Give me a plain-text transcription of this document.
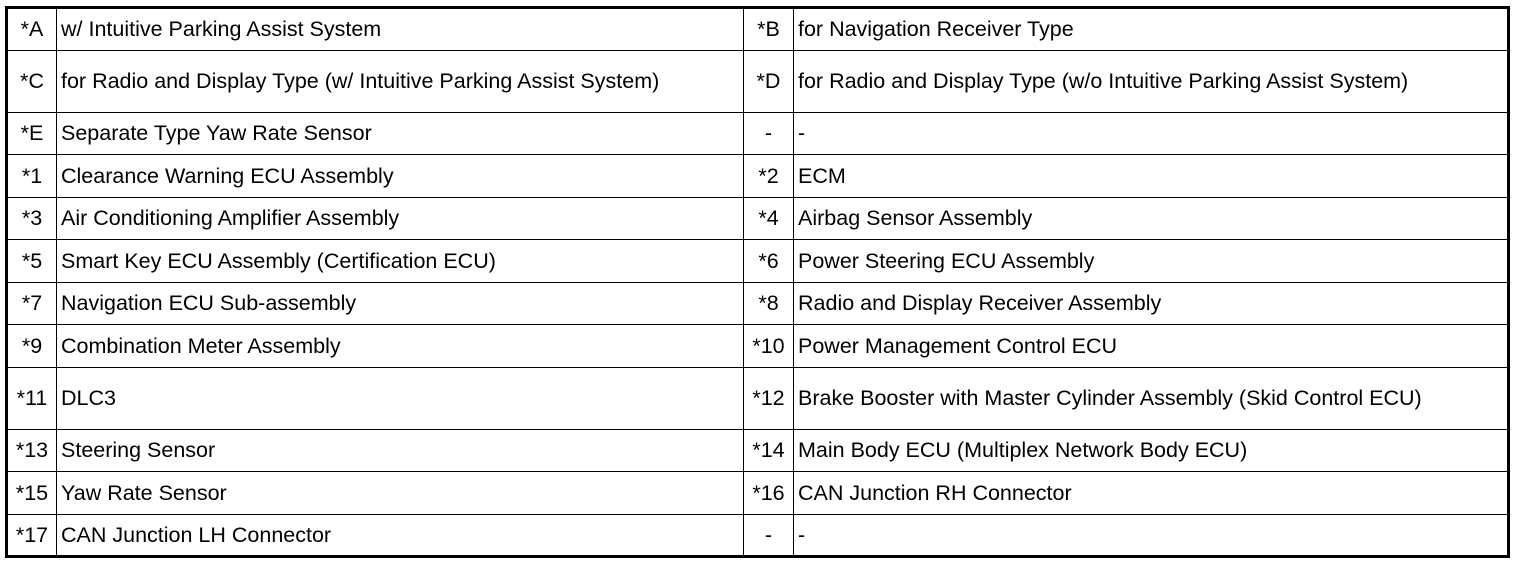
*A	w/ Intuitive Parking Assist System	*B	for Navigation Receiver Type
*C	for Radio and Display Type (w/ Intuitive Parking Assist System)	*D	for Radio and Display Type (w/o Intuitive Parking Assist System)
*E	Separate Type Yaw Rate Sensor	-	-
*1	Clearance Warning ECU Assembly	*2	ECM
*3	Air Conditioning Amplifier Assembly	*4	Airbag Sensor Assembly
*5	Smart Key ECU Assembly (Certification ECU)	*6	Power Steering ECU Assembly
*7	Navigation ECU Sub-assembly	*8	Radio and Display Receiver Assembly
*9	Combination Meter Assembly	*10	Power Management Control ECU
*11	DLC3	*12	Brake Booster with Master Cylinder Assembly (Skid Control ECU)
*13	Steering Sensor	*14	Main Body ECU (Multiplex Network Body ECU)
*15	Yaw Rate Sensor	*16	CAN Junction RH Connector
*17	CAN Junction LH Connector	-	-
